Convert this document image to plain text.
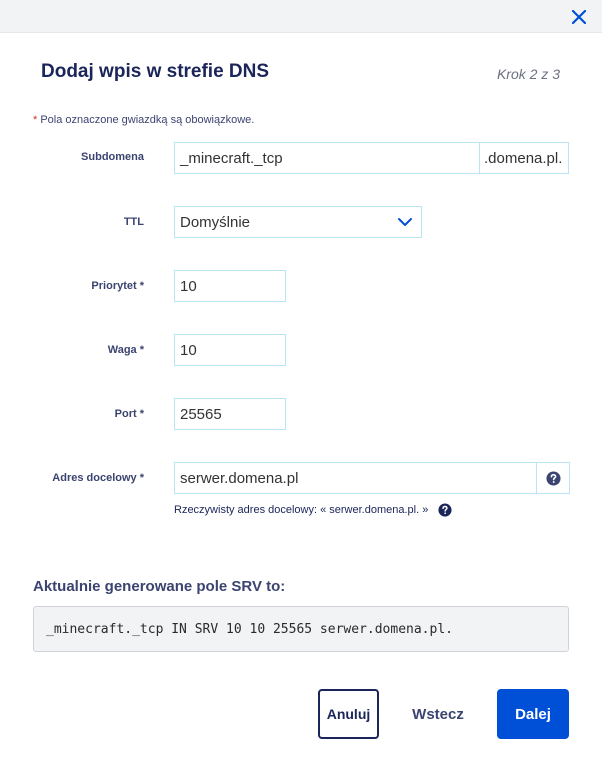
Dodaj wpis w strefie DNS	Krok 2 z 3
* Pola oznaczone gwiazdką są obowiązkowe.
Subdomena	_minecraft._tcp	.domena.pl.
TTL Domyślnie
Priorytet *	10
Waga *	10
Port *	25565
Adres docelowy *	serwer.domena.pl
Rzeczywisty adres docelowy: « serwer.domena.pl. »
Aktualnie generowane pole SRV to:
_minecraft._tcp IN SRV 10 10 25565 serwer.domena.pl.
Anuluj	Wstecz	Dalej
